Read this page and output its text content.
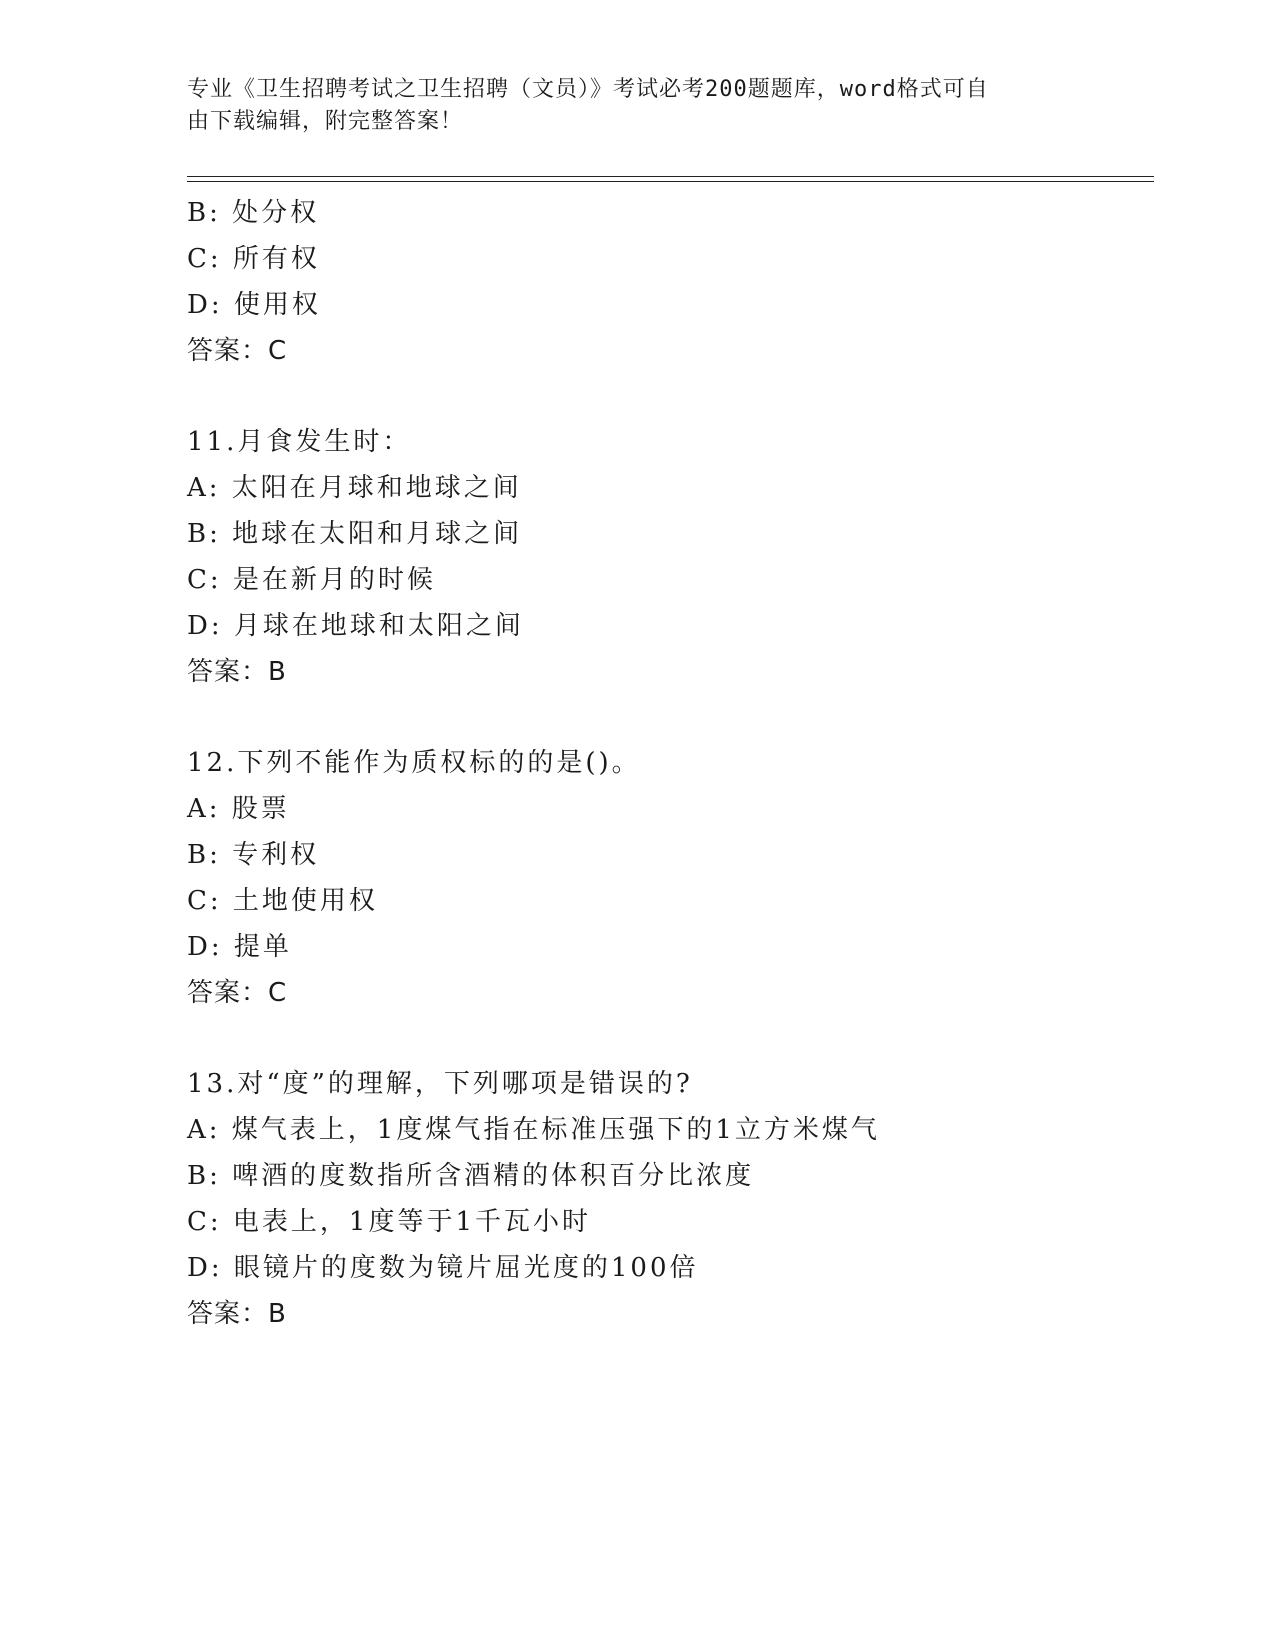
专业《卫生招聘考试之卫生招聘（文员）》考试必考200题题库，word格式可自
由下载编辑，附完整答案！
B: 处分权
C: 所有权
D: 使用权
答案：C
11.月食发生时：
A: 太阳在月球和地球之间
B: 地球在太阳和月球之间
C: 是在新月的时候
D: 月球在地球和太阳之间
答案：B
12.下列不能作为质权标的的是()。
A: 股票
B: 专利权
C: 土地使用权
D: 提单
答案：C
13.对“度”的理解，下列哪项是错误的?
A: 煤气表上，1度煤气指在标准压强下的1立方米煤气
B: 啤酒的度数指所含酒精的体积百分比浓度
C: 电表上，1度等于1千瓦小时
D: 眼镜片的度数为镜片屈光度的100倍
答案：B
